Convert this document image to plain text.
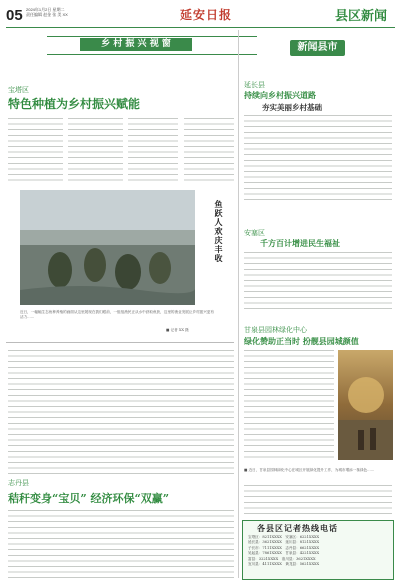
05 2024年1月2日 星期二
责任编辑 赵金 张 美 XX	延安日报	县区新闻
乡 村 振 兴 视 窗
宝塔区
特色种植为乡村振兴赋能
鱼跃人欢庆丰收
近日，一幅幅生态鱼种养殖的画面从这里展现在我们眼前，一组组渔民正从水中获取鱼获，这里的渔业发展让乡村振兴更有活力……
■ 记者 XX 摄
志丹县
秸秆变身“宝贝” 经济环保“双赢”
新闻县市
延长县
持续向乡村振兴道路
夯实美丽乡村基础
安塞区
千方百计增进民生福祉
甘泉县园林绿化中心
绿化赞助正当时 扮靓县园城颜值
■ 近日，甘泉县园林绿化中心在城区开展绿化提升工作，为城市增添一抹绿色……
各县区记者热线电话
宝塔区：8211XXXX　 安塞区：6221XXXX
延长县：3621XXXX　 延川县：8121XXXX
子长市：7111XXXX　 志丹县：6621XXXX
吴起县：7861XXXX　 甘泉县：4221XXXX
富县：3221XXXX　 洛川县：3621XXXX
宜川县：4111XXXX　 黄龙县：5621XXXX
